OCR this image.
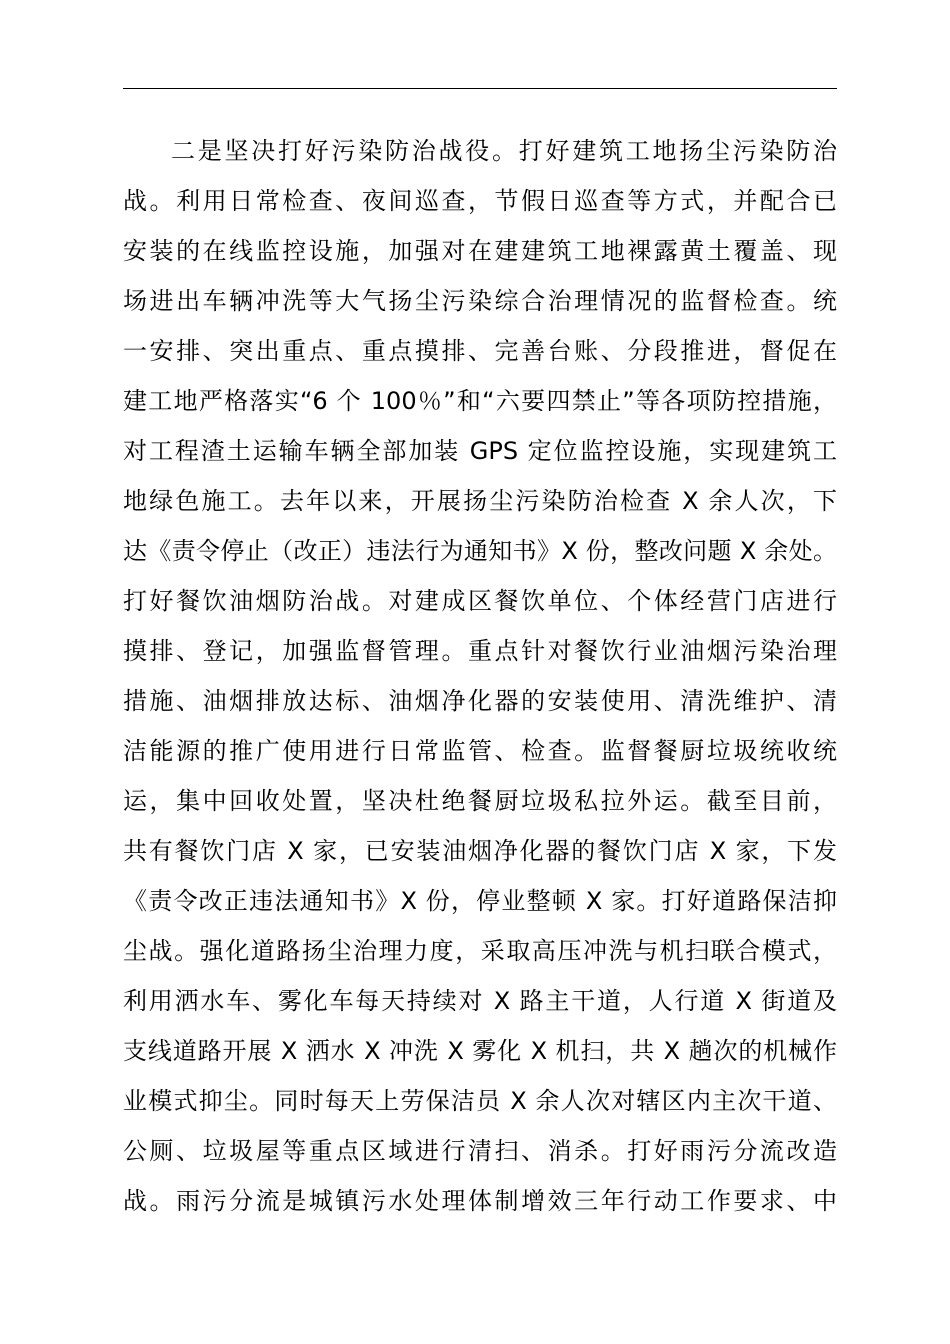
二是坚决打好污染防治战役。打好建筑工地扬尘污染防治
战。利用日常检查、夜间巡查，节假日巡查等方式，并配合已
安装的在线监控设施，加强对在建建筑工地裸露黄土覆盖、现
场进出车辆冲洗等大气扬尘污染综合治理情况的监督检查。统
一安排、突出重点、重点摸排、完善台账、分段推进，督促在
建工地严格落实“6 个 100％”和“六要四禁止”等各项防控措施，
对工程渣土运输车辆全部加装 GPS 定位监控设施，实现建筑工
地绿色施工。去年以来，开展扬尘污染防治检查 X 余人次，下
达《责令停止（改正）违法行为通知书》X 份，整改问题 X 余处。
打好餐饮油烟防治战。对建成区餐饮单位、个体经营门店进行
摸排、登记，加强监督管理。重点针对餐饮行业油烟污染治理
措施、油烟排放达标、油烟净化器的安装使用、清洗维护、清
洁能源的推广使用进行日常监管、检查。监督餐厨垃圾统收统
运，集中回收处置，坚决杜绝餐厨垃圾私拉外运。截至目前，
共有餐饮门店 X 家，已安装油烟净化器的餐饮门店 X 家，下发
《责令改正违法通知书》X 份，停业整顿 X 家。打好道路保洁抑
尘战。强化道路扬尘治理力度，采取高压冲洗与机扫联合模式，
利用洒水车、雾化车每天持续对 X 路主干道，人行道 X 街道及
支线道路开展 X 洒水 X 冲洗 X 雾化 X 机扫，共 X 趟次的机械作
业模式抑尘。同时每天上劳保洁员 X 余人次对辖区内主次干道、
公厕、垃圾屋等重点区域进行清扫、消杀。打好雨污分流改造
战。雨污分流是城镇污水处理体制增效三年行动工作要求、中
